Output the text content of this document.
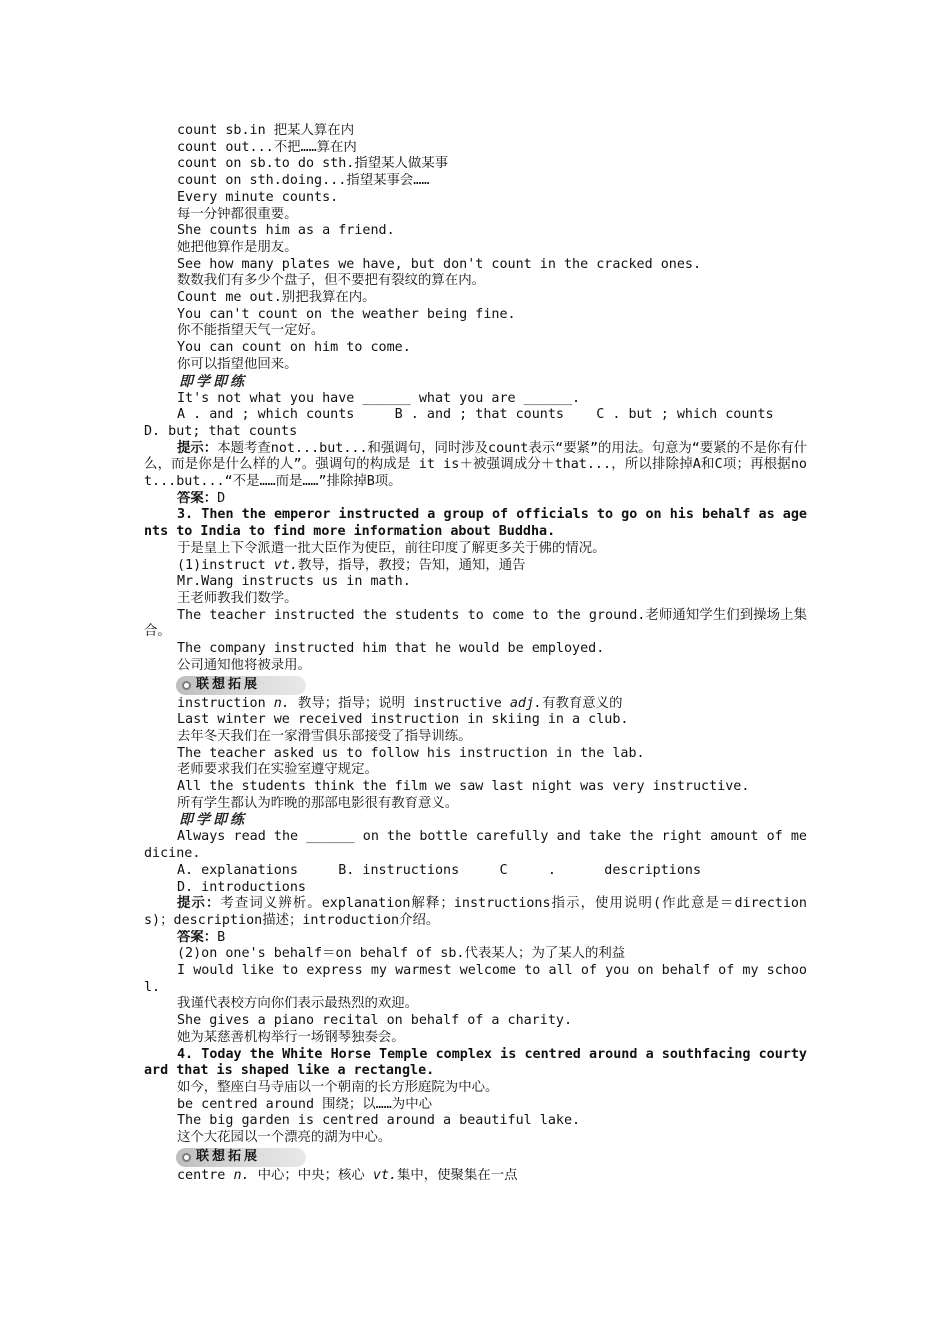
count sb.in 把某人算在内
count out...不把……算在内
count on sb.to do sth.指望某人做某事
count on sth.doing...指望某事会……
Every minute counts.
每一分钟都很重要。
She counts him as a friend.
她把他算作是朋友。
See how many plates we have, but don't count in the cracked ones.
数数我们有多少个盘子，但不要把有裂纹的算在内。
Count me out.别把我算在内。
You can't count on the weather being fine.
你不能指望天气一定好。
You can count on him to come.
你可以指望他回来。
即学即练
It's not what you have ______ what you are ______.
A . and ; which counts     B . and ; that counts    C . but ; which counts
D. but; that counts
提示：本题考查not...but...和强调句，同时涉及count表示“要紧”的用法。句意为“要紧的不是你有什么，而是你是什么样的人”。强调句的构成是 it is＋被强调成分＋that...，所以排除掉A和C项；再根据not...but...“不是……而是……”排除掉B项。
答案：D
3. Then the emperor instructed a group of officials to go on his behalf as agents to India to find more information about Buddha.
于是皇上下令派遣一批大臣作为使臣，前往印度了解更多关于佛的情况。
(1)instruct vt.教导，指导，教授；告知，通知，通告
Mr.Wang instructs us in math.
王老师教我们数学。
The teacher instructed the students to come to the ground.老师通知学生们到操场上集合。
The company instructed him that he would be employed.
公司通知他将被录用。
联想拓展
instruction n. 教导；指导；说明 instructive adj.有教育意义的
Last winter we received instruction in skiing in a club.
去年冬天我们在一家滑雪俱乐部接受了指导训练。
The teacher asked us to follow his instruction in the lab.
老师要求我们在实验室遵守规定。
All the students think the film we saw last night was very instructive.
所有学生都认为昨晚的那部电影很有教育意义。
即学即练
Always read the ______ on the bottle carefully and take the right amount of medicine.
A. explanations     B. instructions     C     .      descriptions
D. introductions
提示：考查词义辨析。explanation解释；instructions指示，使用说明(作此意是＝directions)；description描述；introduction介绍。
答案：B
(2)on one's behalf＝on behalf of sb.代表某人；为了某人的利益
I would like to express my warmest welcome to all of you on behalf of my school.
我谨代表校方向你们表示最热烈的欢迎。
She gives a piano recital on behalf of a charity.
她为某慈善机构举行一场钢琴独奏会。
4. Today the White Horse Temple complex is centred around a southfacing courtyard that is shaped like a rectangle.
如今，整座白马寺庙以一个朝南的长方形庭院为中心。
be centred around 围绕；以……为中心
The big garden is centred around a beautiful lake.
这个大花园以一个漂亮的湖为中心。
联想拓展
centre n. 中心；中央；核心 vt.集中，使聚集在一点
